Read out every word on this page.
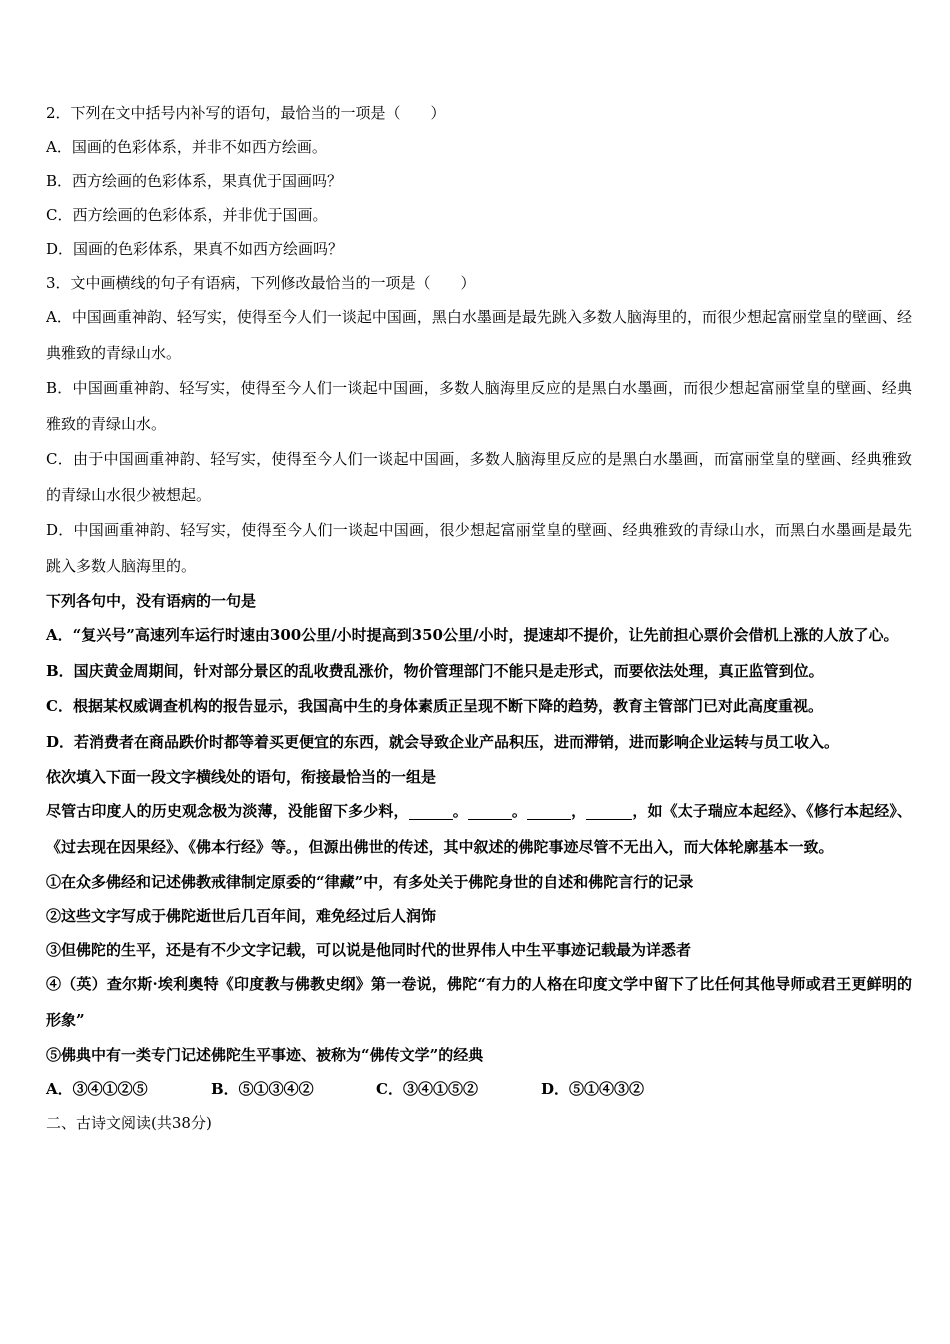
2．下列在文中括号内补写的语句，最恰当的一项是（　　）
A．国画的色彩体系，并非不如西方绘画。
B．西方绘画的色彩体系，果真优于国画吗？
C．西方绘画的色彩体系，并非优于国画。
D．国画的色彩体系，果真不如西方绘画吗？
3．文中画横线的句子有语病，下列修改最恰当的一项是（　　）
A．中国画重神韵、轻写实，使得至今人们一谈起中国画，黑白水墨画是最先跳入多数人脑海里的，而很少想起富丽堂皇的壁画、经典雅致的青绿山水。
B．中国画重神韵、轻写实，使得至今人们一谈起中国画，多数人脑海里反应的是黑白水墨画，而很少想起富丽堂皇的壁画、经典雅致的青绿山水。
C．由于中国画重神韵、轻写实，使得至今人们一谈起中国画，多数人脑海里反应的是黑白水墨画，而富丽堂皇的壁画、经典雅致的青绿山水很少被想起。
D．中国画重神韵、轻写实，使得至今人们一谈起中国画，很少想起富丽堂皇的壁画、经典雅致的青绿山水，而黑白水墨画是最先跳入多数人脑海里的。
下列各句中，没有语病的一句是
A．“复兴号”高速列车运行时速由300公里/小时提高到350公里/小时，提速却不提价，让先前担心票价会借机上涨的人放了心。
B．国庆黄金周期间，针对部分景区的乱收费乱涨价，物价管理部门不能只是走形式，而要依法处理，真正监管到位。
C．根据某权威调查机构的报告显示，我国高中生的身体素质正呈现不断下降的趋势，教育主管部门已对此高度重视。
D．若消费者在商品跌价时都等着买更便宜的东西，就会导致企业产品积压，进而滞销，进而影响企业运转与员工收入。
依次填入下面一段文字横线处的语句，衔接最恰当的一组是
尽管古印度人的历史观念极为淡薄，没能留下多少料，	。	。	，	，如《太子瑞应本起经》、《修行本起经》、《过去现在因果经》、《佛本行经》等。，但源出佛世的传述，其中叙述的佛陀事迹尽管不无出入，而大体轮廓基本一致。
①在众多佛经和记述佛教戒律制定原委的“律藏”中，有多处关于佛陀身世的自述和佛陀言行的记录
②这些文字写成于佛陀逝世后几百年间，难免经过后人润饰
③但佛陀的生平，还是有不少文字记载，可以说是他同时代的世界伟人中生平事迹记载最为详悉者
④（英）查尔斯·埃利奥特《印度教与佛教史纲》第一卷说，佛陀“有力的人格在印度文学中留下了比任何其他导师或君王更鲜明的形象”
⑤佛典中有一类专门记述佛陀生平事迹、被称为“佛传文学”的经典
A．③④①②⑤	B．⑤①③④②	C．③④①⑤②	D．⑤①④③②
二、古诗文阅读(共38分)
